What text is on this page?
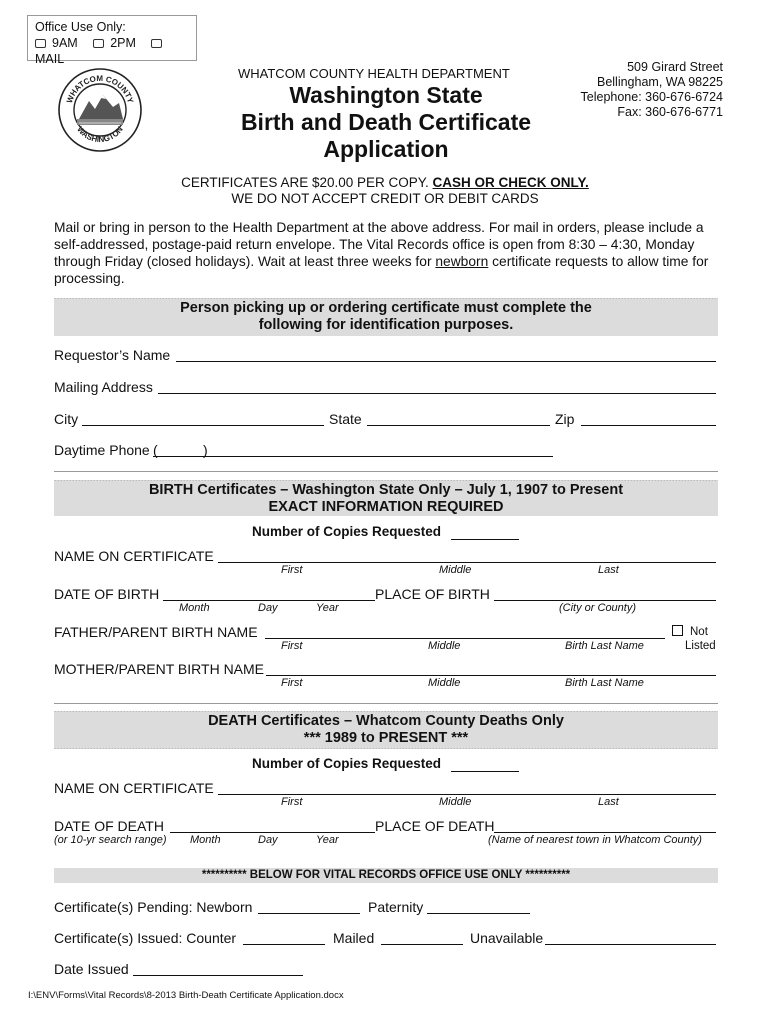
Office Use Only:
9AM	2PM MAIL
WHATCOM COUNTY
WASHINGTON
WHATCOM COUNTY HEALTH DEPARTMENT
Washington State
Birth and Death Certificate
Application
509 Girard Street
Bellingham, WA 98225
Telephone: 360-676-6724
Fax: 360-676-6771
CERTIFICATES ARE $20.00 PER COPY. CASH OR CHECK ONLY.
WE DO NOT ACCEPT CREDIT OR DEBIT CARDS
Mail or bring in person to the Health Department at the above address. For mail in orders, please include a self-addressed, postage-paid return envelope. The Vital Records office is open from 8:30 – 4:30, Monday through Friday (closed holidays). Wait at least three weeks for newborn certificate requests to allow time for processing.
Person picking up or ordering certificate must complete the
following for identification purposes.
Requestor’s Name
Mailing Address
City	State	Zip
Daytime Phone (	)
BIRTH Certificates – Washington State Only – July 1, 1907 to Present
EXACT INFORMATION REQUIRED
Number of Copies Requested
NAME ON CERTIFICATE
First	Middle	Last
DATE OF BIRTH
Month	Day	Year
PLACE OF BIRTH
(City or County)
FATHER/PARENT BIRTH NAME
First	Middle	Birth Last Name
Not
Listed
MOTHER/PARENT BIRTH NAME
First	Middle	Birth Last Name
DEATH Certificates – Whatcom County Deaths Only
*** 1989 to PRESENT ***
Number of Copies Requested
NAME ON CERTIFICATE
First	Middle	Last
DATE OF DEATH
(or 10-yr search range) Month	Day	Year
PLACE OF DEATH
(Name of nearest town in Whatcom County)
********** BELOW FOR VITAL RECORDS OFFICE USE ONLY **********
Certificate(s) Pending: Newborn	Paternity
Certificate(s) Issued: Counter	Mailed	Unavailable
Date Issued
I:\ENV\Forms\Vital Records\8-2013 Birth-Death Certificate Application.docx
